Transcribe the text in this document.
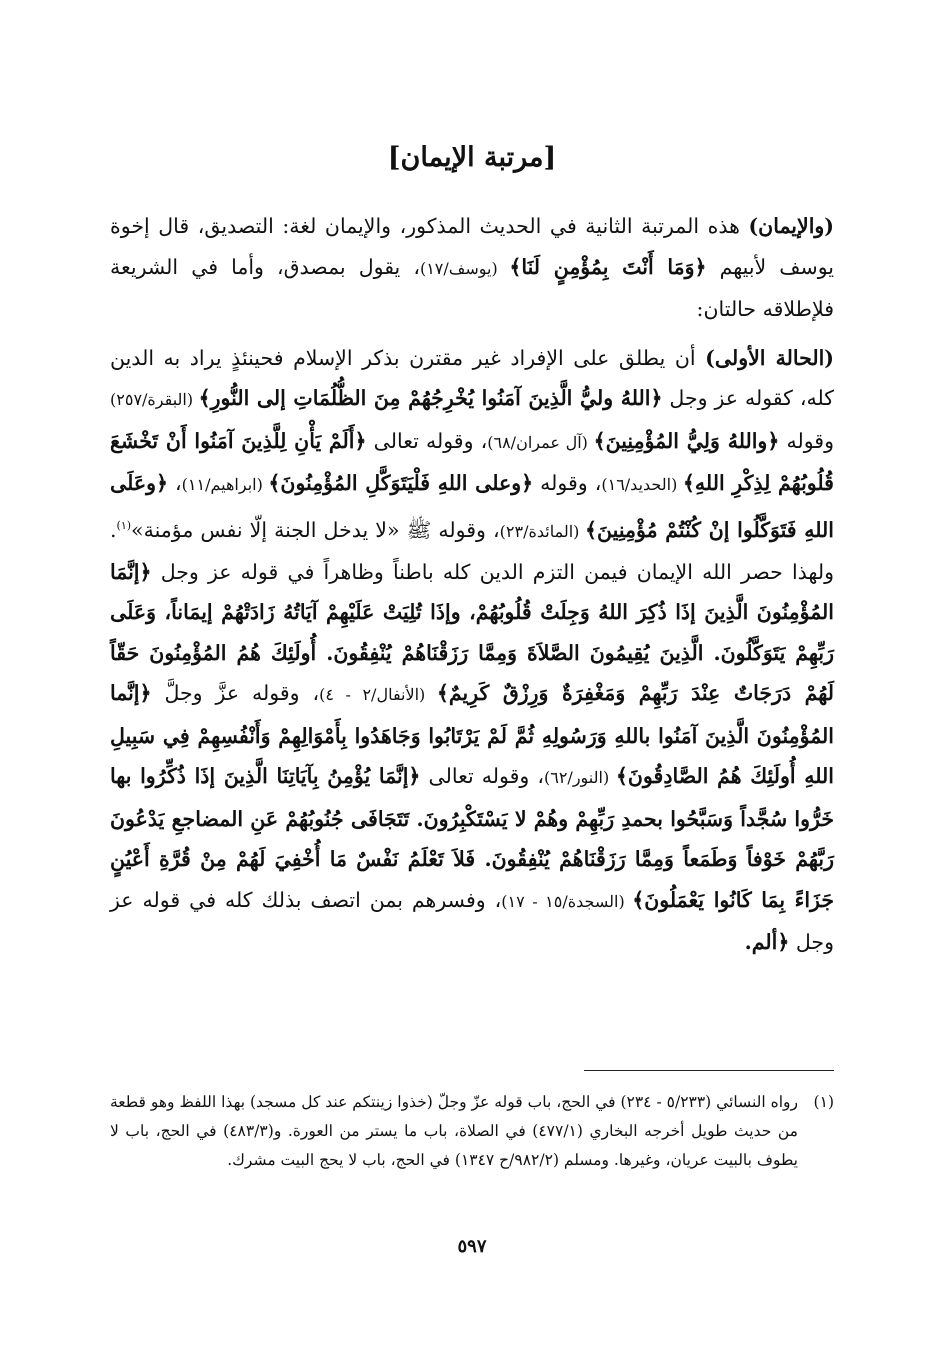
[مرتبة الإيمان]

(والإيمان) هذه المرتبة الثانية في الحديث المذكور، والإيمان لغة: التصديق، قال إخوة يوسف لأبيهم ﴿وَمَا أَنْتَ بِمُؤْمِنٍ لَنَا﴾ (يوسف/١٧)، يقول بمصدق، وأما في الشريعة فلإطلاقه حالتان:

(الحالة الأولى) أن يطلق على الإفراد غير مقترن بذكر الإسلام فحينئذٍ يراد به الدين كله، كقوله عز وجل ﴿اللهُ وليُّ الَّذِينَ آمَنُوا يُخْرِجُهُمْ مِنَ الظُّلُمَاتِ إلى النُّورِ﴾ (البقرة/٢٥٧) وقوله ﴿واللهُ وَلِيُّ المُؤْمِنِينَ﴾ (آل عمران/٦٨)، وقوله تعالى ﴿أَلَمْ يَأْنِ لِلَّذِينَ آمَنُوا أَنْ تَخْشَعَ قُلُوبُهُمْ لِذِكْرِ اللهِ﴾ (الحديد/١٦)، وقوله ﴿وعلى اللهِ فَلْيَتَوَكَّلِ المُؤْمِنُونَ﴾ (ابراهيم/١١)، ﴿وعَلَى اللهِ فَتَوَكَّلُوا إنْ كُنْتُمْ مُؤْمِنِينَ﴾ (المائدة/٢٣)، وقوله ﷺ «لا يدخل الجنة إلّا نفس مؤمنة»$^{(١)}$. ولهذا حصر الله الإيمان فيمن التزم الدين كله باطناً وظاهراً في قوله عز وجل ﴿إنَّمَا المُؤْمِنُونَ الَّذِينَ إذَا ذُكِرَ اللهُ وَجِلَتْ قُلُوبُهُمْ، وإذَا تُلِيَتْ عَلَيْهِمْ آيَاتُهُ زَادَتْهُمْ إيمَاناً، وَعَلَى رَبِّهِمْ يَتَوَكَّلُونَ. الَّذِينَ يُقِيمُونَ الصَّلاَةَ وَمِمَّا رَزَقْنَاهُمْ يُنْفِقُونَ. أُولَئِكَ هُمُ المُؤْمِنُونَ حَقّاً لَهُمْ دَرَجَاتٌ عِنْدَ رَبِّهِمْ وَمَغْفِرَةٌ وَرِزْقٌ كَرِيمٌ﴾ (الأنفال/٢ - ٤)، وقوله عزَّ وجلَّ ﴿إنَّما المُؤْمِنُونَ الَّذِينَ آمَنُوا باللهِ وَرَسُولِهِ ثُمَّ لَمْ يَرْتَابُوا وَجَاهَدُوا بِأَمْوَالِهِمْ وَأَنْفُسِهِمْ فِي سَبِيلِ اللهِ أُولَئِكَ هُمُ الصَّادِقُونَ﴾ (النور/٦٢)، وقوله تعالى ﴿إنَّمَا يُؤْمِنُ بِآيَاتِنَا الَّذِينَ إذَا ذُكِّرُوا بها خَرُّوا سُجَّداً وَسَبَّحُوا بحمدِ رَبِّهِمْ وهُمْ لا يَسْتَكْبِرُونَ. تَتَجَافَى جُنُوبُهُمْ عَنِ المضاجعِ يَدْعُونَ رَبَّهُمْ خَوْفاً وَطَمَعاً وَمِمَّا رَزَقْنَاهُمْ يُنْفِقُونَ. فَلاَ تَعْلَمُ نَفْسٌ مَا أُخْفِيَ لَهُمْ مِنْ قُرَّةِ أَعْيُنٍ جَزَاءً بِمَا كَانُوا يَعْمَلُونَ﴾ (السجدة/١٥ - ١٧)، وفسرهم بمن اتصف بذلك كله في قوله عز وجل ﴿ألم.

(١)
رواه النسائي (٥/٢٣٣ - ٢٣٤) في الحج، باب قوله عزّ وجلّ (خذوا زينتكم عند كل مسجد) بهذا اللفظ وهو قطعة من حديث طويل أخرجه البخاري (٤٧٧/١) في الصلاة، باب ما يستر من العورة. و(٤٨٣/٣) في الحج، باب لا يطوف بالبيت عريان، وغيرها. ومسلم (٩٨٢/٢/ح ١٣٤٧) في الحج، باب لا يحج البيت مشرك.
٥٩٧
